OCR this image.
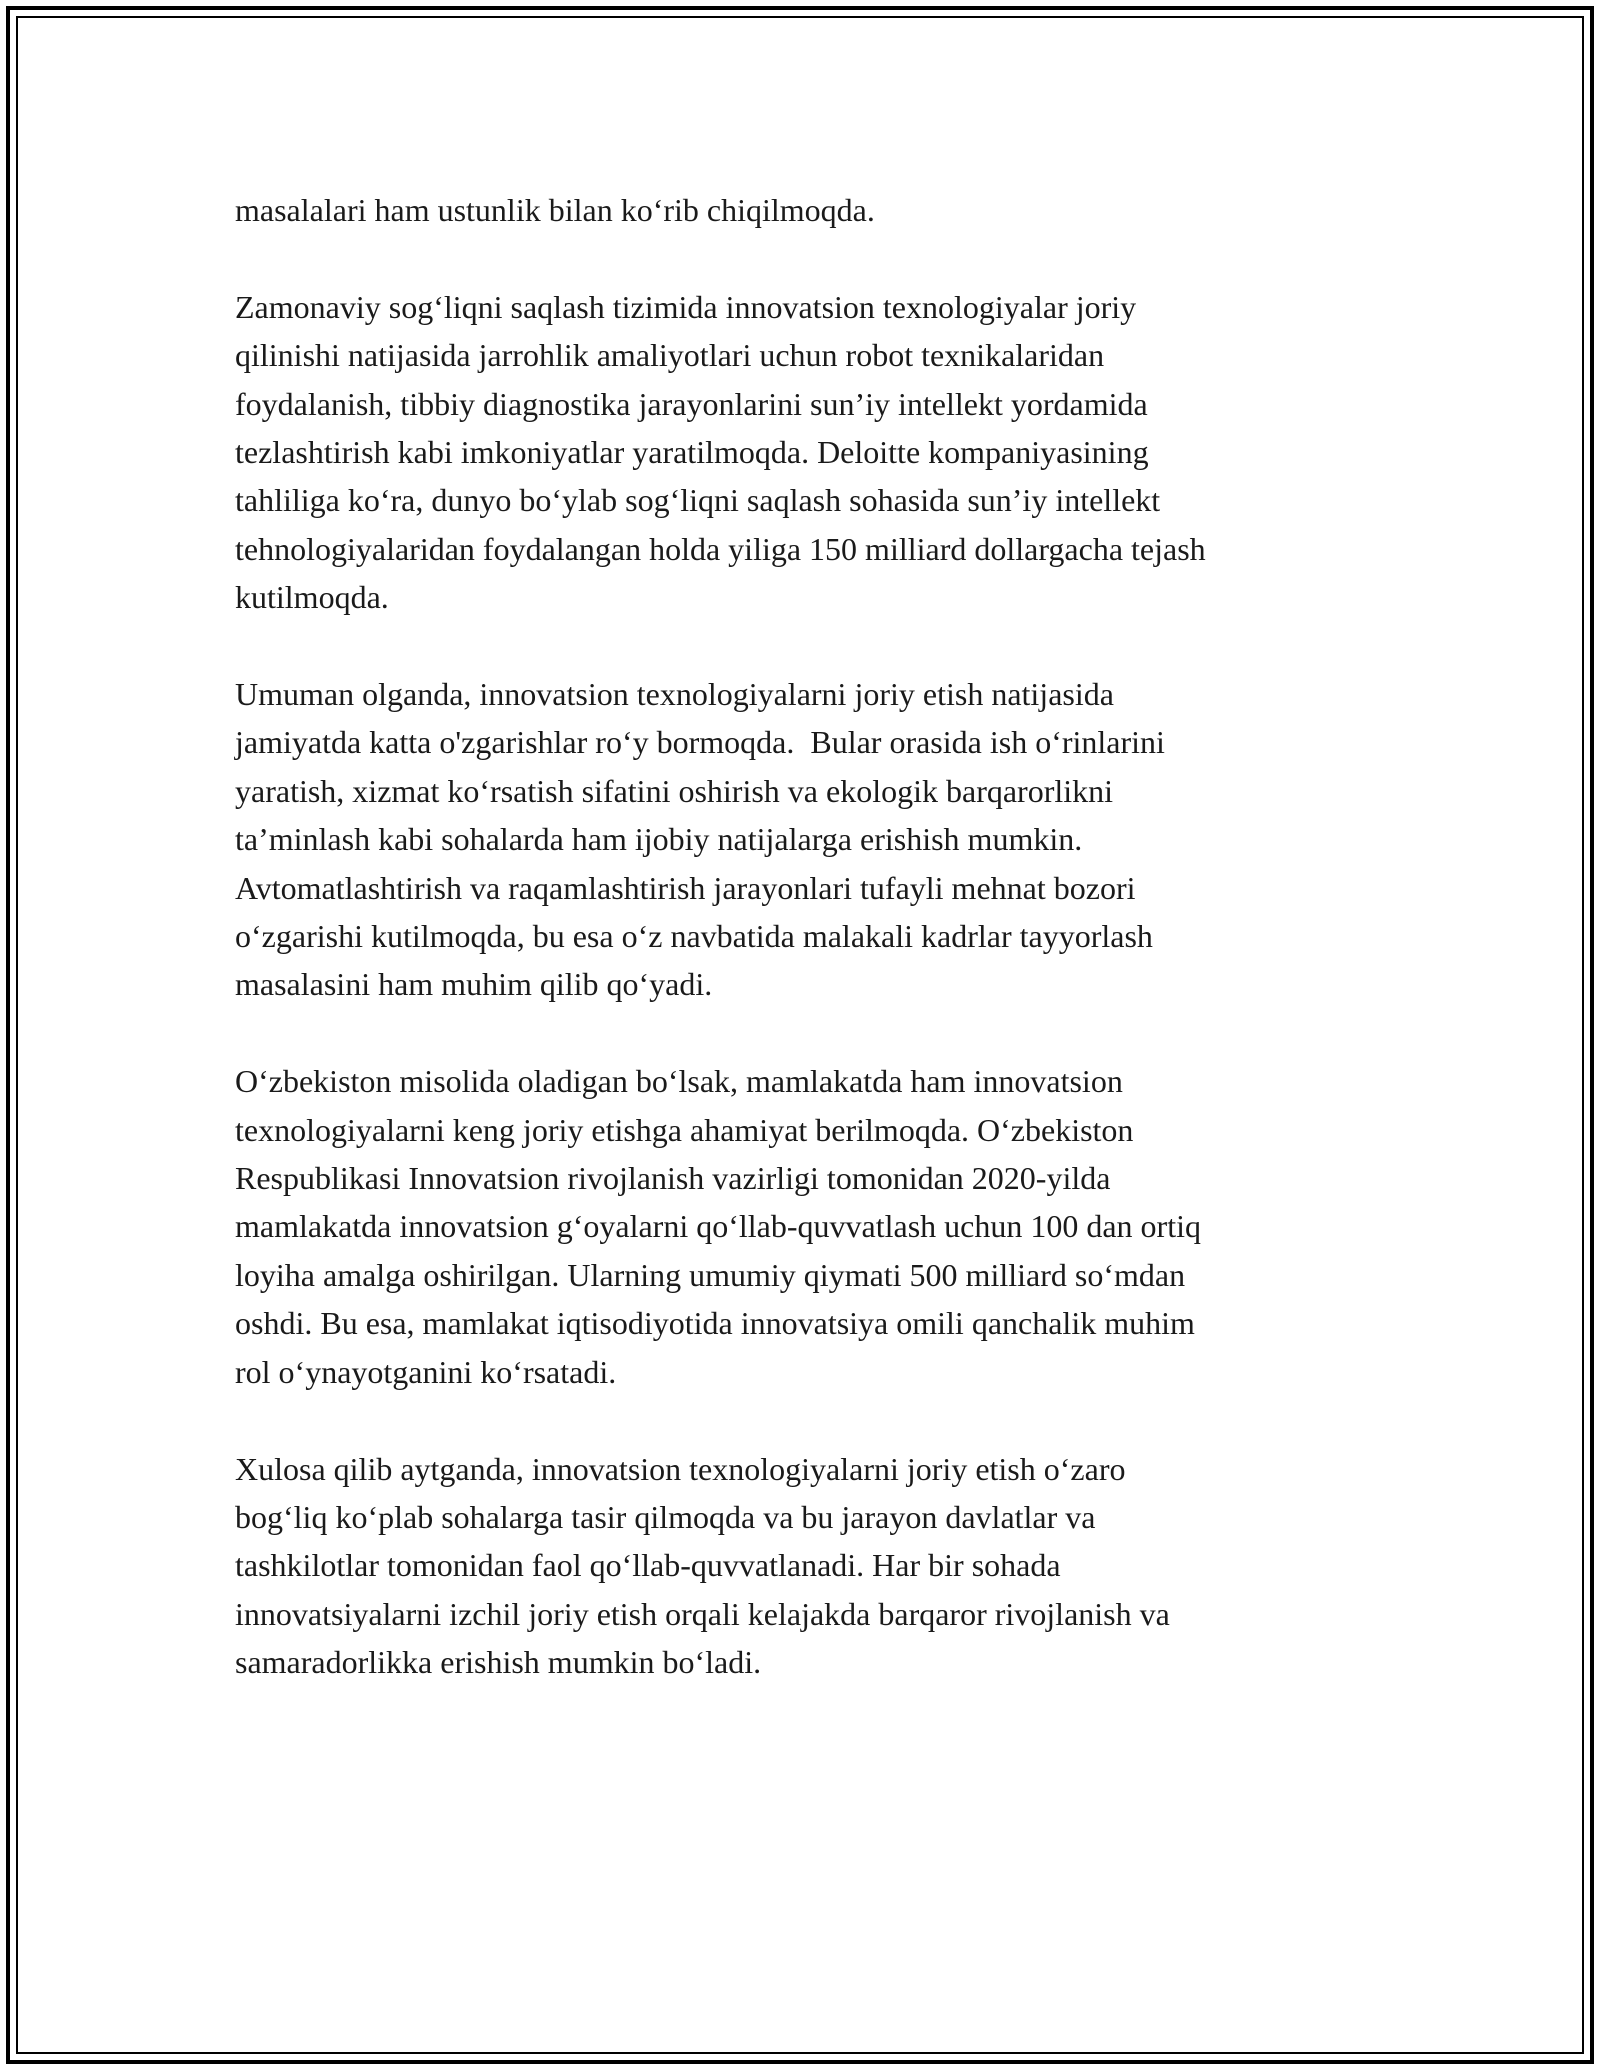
masalalari ham ustunlik bilan ko‘rib chiqilmoqda.

Zamonaviy sog‘liqni saqlash tizimida innovatsion texnologiyalar joriy
qilinishi natijasida jarrohlik amaliyotlari uchun robot texnikalaridan
foydalanish, tibbiy diagnostika jarayonlarini sun’iy intellekt yordamida
tezlashtirish kabi imkoniyatlar yaratilmoqda. Deloitte kompaniyasining
tahliliga ko‘ra, dunyo bo‘ylab sog‘liqni saqlash sohasida sun’iy intellekt
tehnologiyalaridan foydalangan holda yiliga 150 milliard dollargacha tejash
kutilmoqda.

Umuman olganda, innovatsion texnologiyalarni joriy etish natijasida
jamiyatda katta o'zgarishlar ro‘y bormoqda.  Bular orasida ish o‘rinlarini
yaratish, xizmat ko‘rsatish sifatini oshirish va ekologik barqarorlikni
ta’minlash kabi sohalarda ham ijobiy natijalarga erishish mumkin.
Avtomatlashtirish va raqamlashtirish jarayonlari tufayli mehnat bozori
o‘zgarishi kutilmoqda, bu esa o‘z navbatida malakali kadrlar tayyorlash
masalasini ham muhim qilib qo‘yadi.

O‘zbekiston misolida oladigan bo‘lsak, mamlakatda ham innovatsion
texnologiyalarni keng joriy etishga ahamiyat berilmoqda. O‘zbekiston
Respublikasi Innovatsion rivojlanish vazirligi tomonidan 2020-yilda
mamlakatda innovatsion g‘oyalarni qo‘llab-quvvatlash uchun 100 dan ortiq
loyiha amalga oshirilgan. Ularning umumiy qiymati 500 milliard so‘mdan
oshdi. Bu esa, mamlakat iqtisodiyotida innovatsiya omili qanchalik muhim
rol o‘ynayotganini ko‘rsatadi.

Xulosa qilib aytganda, innovatsion texnologiyalarni joriy etish o‘zaro
bog‘liq ko‘plab sohalarga tasir qilmoqda va bu jarayon davlatlar va
tashkilotlar tomonidan faol qo‘llab-quvvatlanadi. Har bir sohada
innovatsiyalarni izchil joriy etish orqali kelajakda barqaror rivojlanish va
samaradorlikka erishish mumkin bo‘ladi.
